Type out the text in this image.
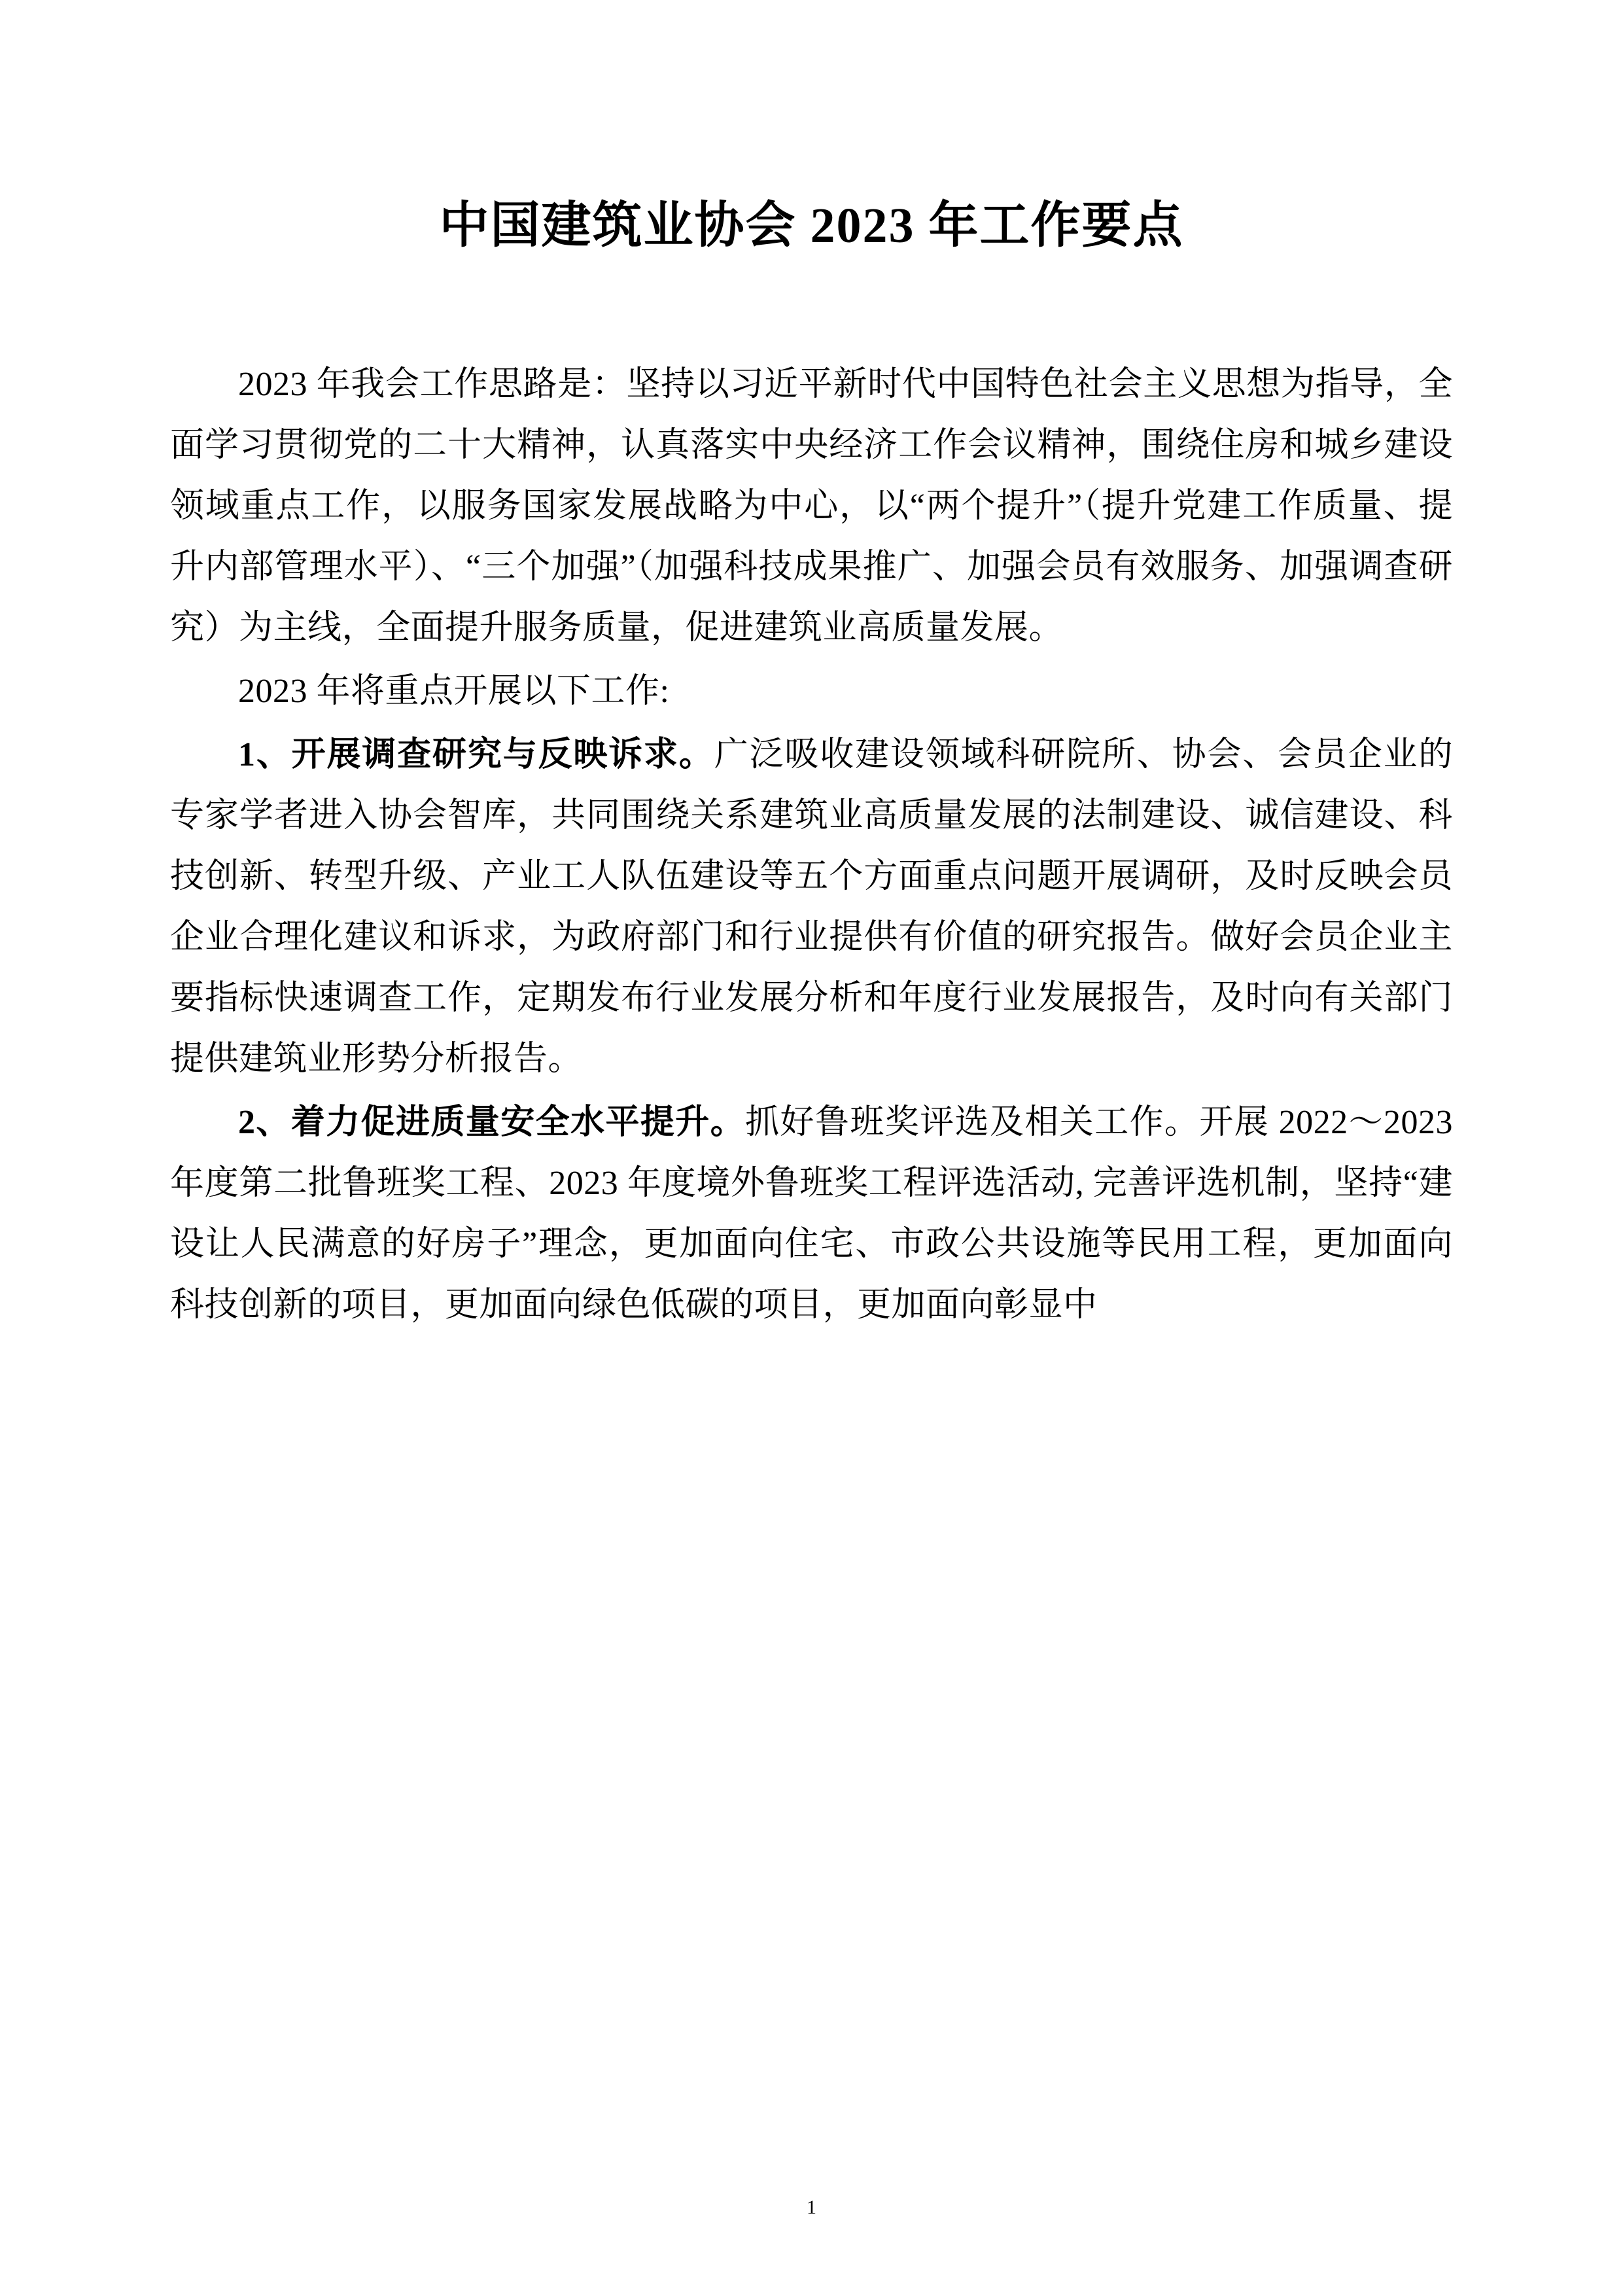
中国建筑业协会 2023 年工作要点

2023 年我会工作思路是：坚持以习近平新时代中国特色社会主义思想为指导，全面学习贯彻党的二十大精神，认真落实中央经济工作会议精神，围绕住房和城乡建设领域重点工作，以服务国家发展战略为中心，以“两个提升”（提升党建工作质量、提升内部管理水平）、“三个加强”（加强科技成果推广、加强会员有效服务、加强调查研究）为主线，全面提升服务质量，促进建筑业高质量发展。

2023 年将重点开展以下工作:

1、开展调查研究与反映诉求。广泛吸收建设领域科研院所、协会、会员企业的专家学者进入协会智库，共同围绕关系建筑业高质量发展的法制建设、诚信建设、科技创新、转型升级、产业工人队伍建设等五个方面重点问题开展调研，及时反映会员企业合理化建议和诉求，为政府部门和行业提供有价值的研究报告。做好会员企业主要指标快速调查工作，定期发布行业发展分析和年度行业发展报告，及时向有关部门提供建筑业形势分析报告。

2、着力促进质量安全水平提升。抓好鲁班奖评选及相关工作。开展 2022～2023 年度第二批鲁班奖工程、2023 年度境外鲁班奖工程评选活动, 完善评选机制，坚持“建设让人民满意的好房子”理念，更加面向住宅、市政公共设施等民用工程，更加面向科技创新的项目，更加面向绿色低碳的项目，更加面向彰显中

1
